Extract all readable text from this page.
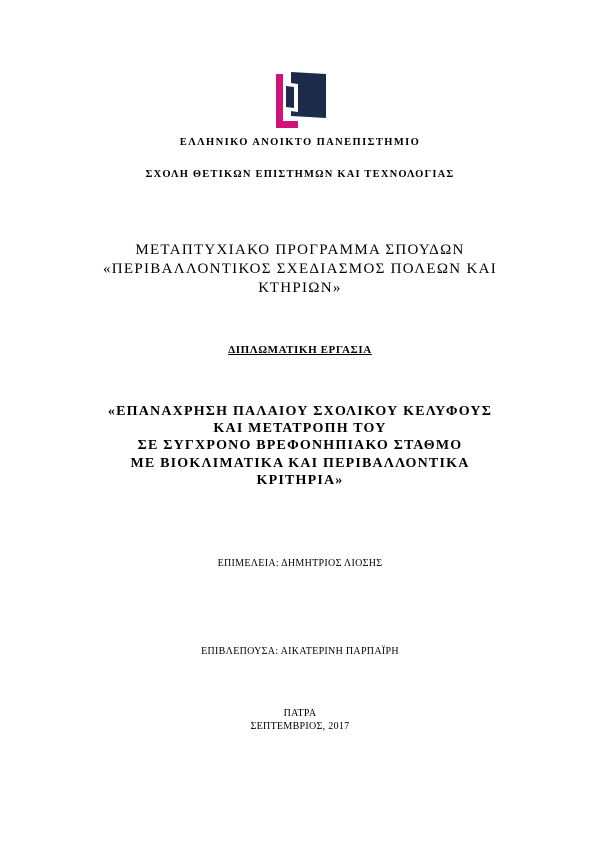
ΕΛΛΗΝΙΚΟ ΑΝΟΙΚΤΟ ΠΑΝΕΠΙΣΤΗΜΙΟ
ΣΧΟΛΗ ΘΕΤΙΚΩΝ ΕΠΙΣΤΗΜΩΝ ΚΑΙ ΤΕΧΝΟΛΟΓΙΑΣ
ΜΕΤΑΠΤΥΧΙΑΚΟ ΠΡΟΓΡΑΜΜΑ ΣΠΟΥΔΩΝ
«ΠΕΡΙΒΑΛΛΟΝΤΙΚΟΣ ΣΧΕΔΙΑΣΜΟΣ ΠΟΛΕΩΝ ΚΑΙ
ΚΤΗΡΙΩΝ»
ΔΙΠΛΩΜΑΤΙΚΗ ΕΡΓΑΣΙΑ
«ΕΠΑΝΑΧΡΗΣΗ ΠΑΛΑΙΟΥ ΣΧΟΛΙΚΟΥ ΚΕΛΥΦΟΥΣ
ΚΑΙ ΜΕΤΑΤΡΟΠΗ ΤΟΥ
ΣΕ ΣΥΓΧΡΟΝΟ ΒΡΕΦΟΝΗΠΙΑΚΟ ΣΤΑΘΜΟ
ΜΕ ΒΙΟΚΛΙΜΑΤΙΚΑ ΚΑΙ ΠΕΡΙΒΑΛΛΟΝΤΙΚΑ
ΚΡΙΤΗΡΙΑ»
ΕΠΙΜΕΛΕΙΑ: ΔΗΜΗΤΡΙΟΣ ΛΙΟΣΗΣ
ΕΠΙΒΛΕΠΟΥΣΑ: ΑΙΚΑΤΕΡΙΝΗ ΠΑΡΠΑΪΡΗ
ΠΑΤΡΑ
ΣΕΠΤΕΜΒΡΙΟΣ, 2017
